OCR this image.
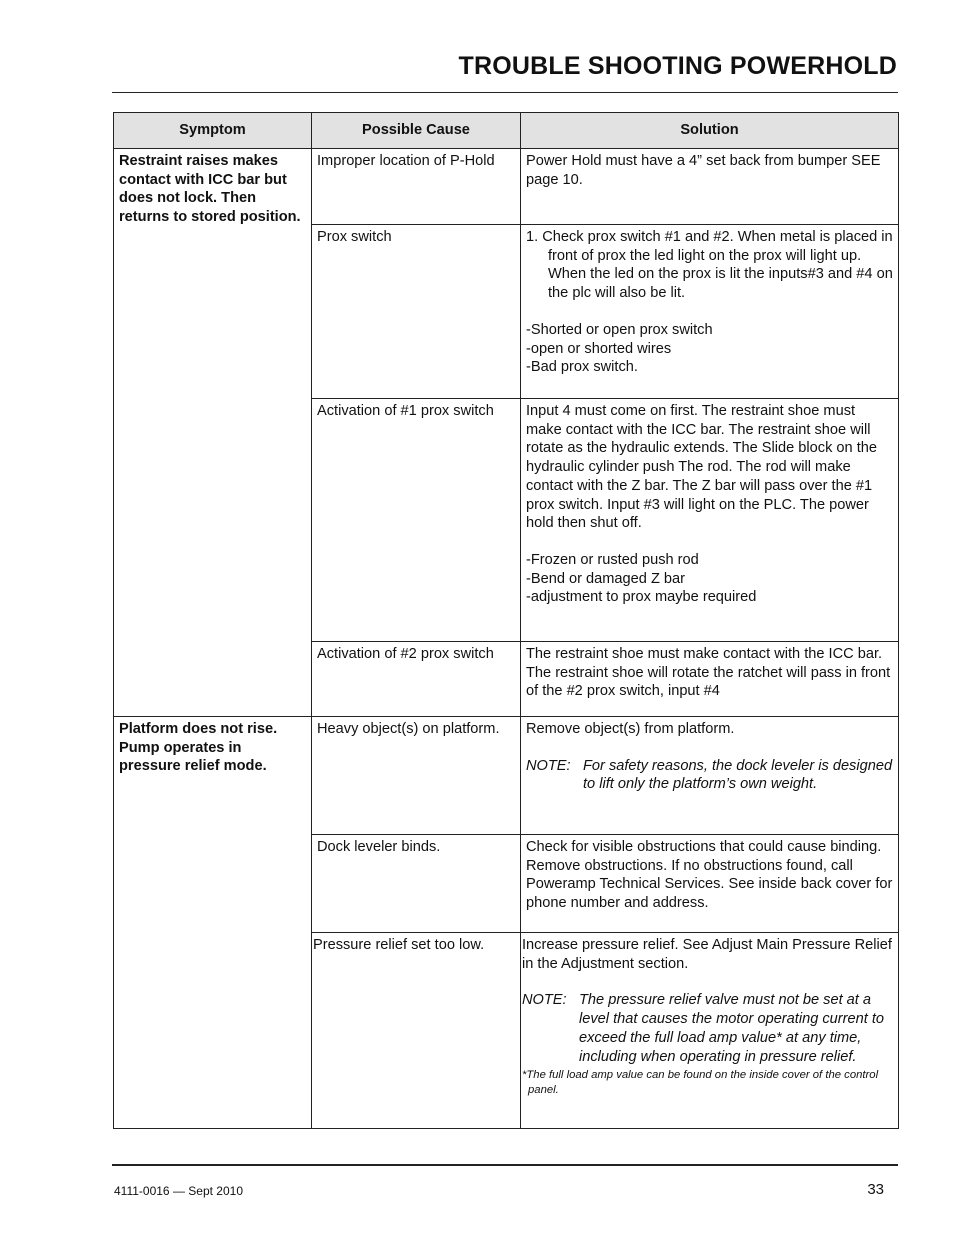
TROUBLE SHOOTING POWERHOLD
Symptom	Possible Cause	Solution
Restraint raises makes contact with ICC bar but does not lock. Then returns to stored position.	Improper location of P-Hold	Power Hold must have a 4” set back from bumper SEE page 10.

	Prox switch	1. Check prox switch #1 and #2. When metal is placed in front of prox the led light on the prox will light up. When the led on the prox is lit the inputs#3 and #4 on the plc will also be lit.
-Shorted or open prox switch
-open or shorted wires
-Bad prox switch.

	Activation of #1 prox switch	Input 4 must come on first. The restraint shoe must make contact with the ICC bar. The restraint shoe will rotate as the hydraulic extends. The Slide block on the hydraulic cylinder push The rod. The rod will make contact with the Z bar. The Z bar will pass over the #1 prox switch. Input #3 will light on the PLC. The power hold then shut off.
-Frozen or rusted push rod
-Bend or damaged Z bar
-adjustment to prox maybe required

	Activation of #2 prox switch	The restraint shoe must make contact with the ICC bar. The restraint shoe will rotate the ratchet will pass in front of the #2 prox switch, input #4

Platform does not rise. Pump operates in pressure relief mode.	Heavy object(s) on platform.	Remove object(s) from platform.
NOTE: For safety reasons, the dock leveler is designed to lift only the platform’s own weight.

	Dock leveler binds.	Check for visible obstructions that could cause binding. Remove obstructions. If no obstructions found, call Poweramp Technical Services. See inside back cover for phone number and address.

	Pressure relief set too low.	Increase pressure relief. See Adjust Main Pressure Relief in the Adjustment section.
NOTE: The pressure relief valve must not be set at a level that causes the motor operating current to exceed the full load amp value* at any time, including when operating in pressure relief.
*The full load amp value can be found on the inside cover of the control panel.
4111-0016 — Sept 2010	33
